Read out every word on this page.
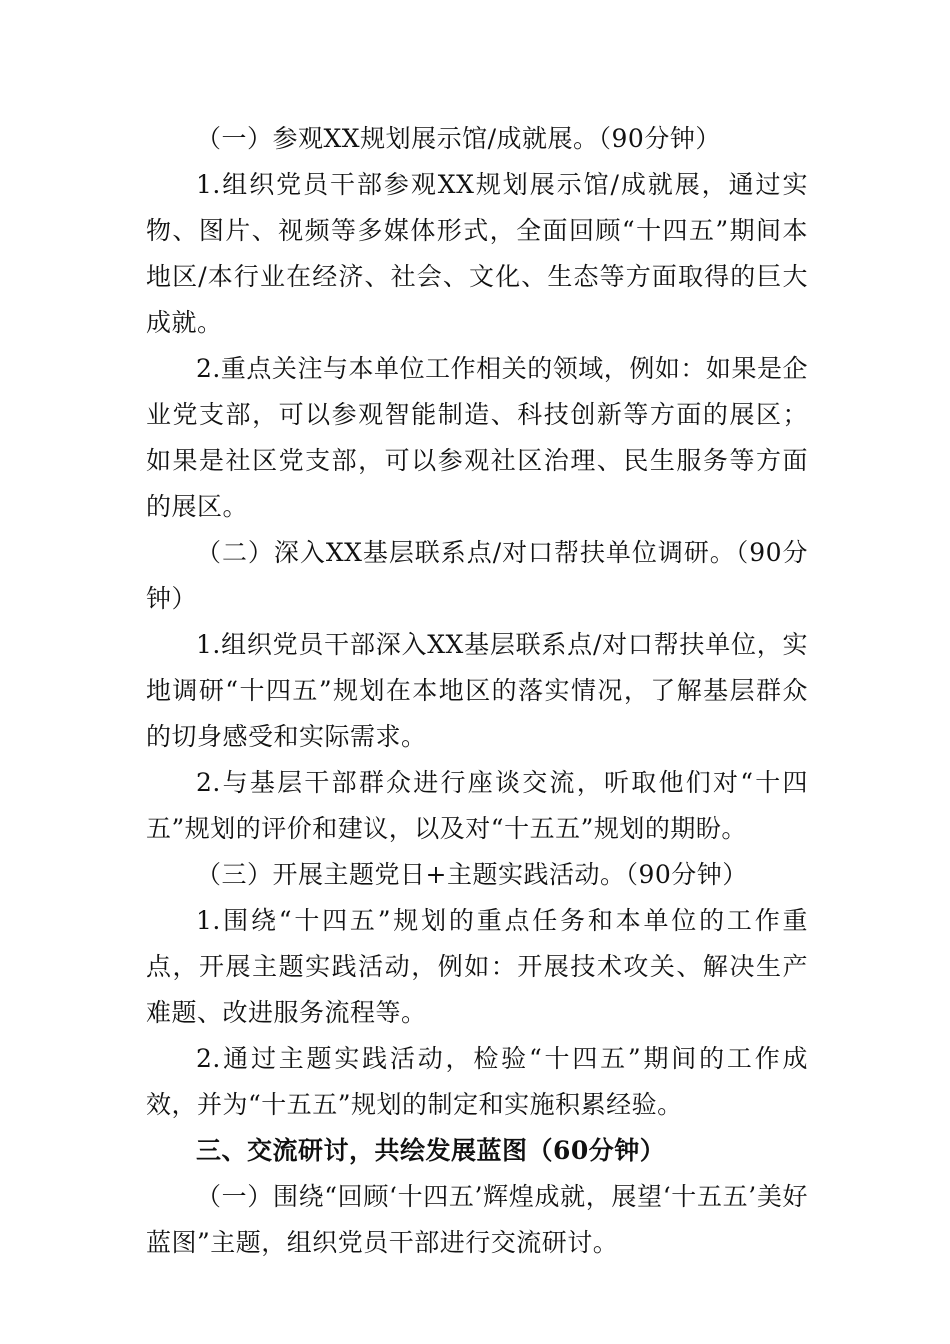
（一）参观XX规划展示馆/成就展。（90分钟）

1.组织党员干部参观XX规划展示馆/成就展，通过实物、图片、视频等多媒体形式，全面回顾“十四五”期间本地区/本行业在经济、社会、文化、生态等方面取得的巨大成就。

2.重点关注与本单位工作相关的领域，例如：如果是企业党支部，可以参观智能制造、科技创新等方面的展区；如果是社区党支部，可以参观社区治理、民生服务等方面的展区。

（二）深入XX基层联系点/对口帮扶单位调研。（90分钟）

1.组织党员干部深入XX基层联系点/对口帮扶单位，实地调研“十四五”规划在本地区的落实情况，了解基层群众的切身感受和实际需求。

2.与基层干部群众进行座谈交流，听取他们对“十四五”规划的评价和建议，以及对“十五五”规划的期盼。

（三）开展主题党日+主题实践活动。（90分钟）

1.围绕“十四五”规划的重点任务和本单位的工作重点，开展主题实践活动，例如：开展技术攻关、解决生产难题、改进服务流程等。

2.通过主题实践活动，检验“十四五”期间的工作成效，并为“十五五”规划的制定和实施积累经验。

三、交流研讨，共绘发展蓝图（60分钟）

（一）围绕“回顾‘十四五’辉煌成就，展望‘十五五’美好蓝图”主题，组织党员干部进行交流研讨。
